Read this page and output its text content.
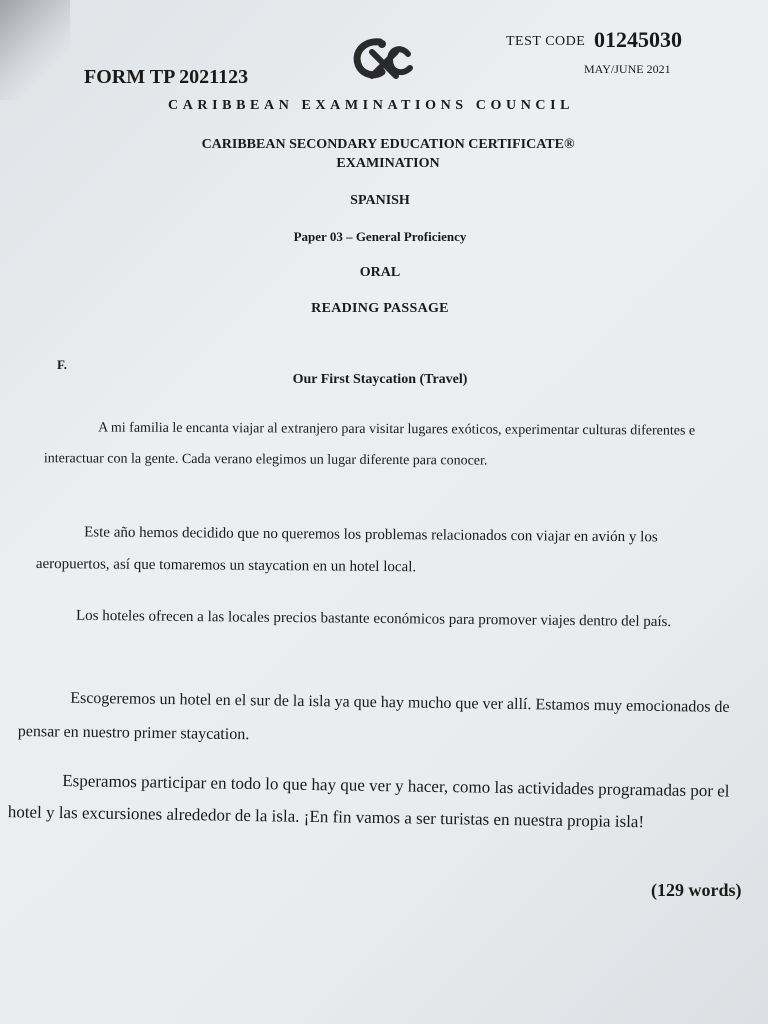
TEST CODE 01245030
MAY/JUNE 2021
FORM TP 2021123
CARIBBEAN EXAMINATIONS COUNCIL
CARIBBEAN SECONDARY EDUCATION CERTIFICATE®
EXAMINATION
SPANISH
Paper 03 – General Proficiency
ORAL
READING PASSAGE
F.
Our First Staycation (Travel)
A mi familia le encanta viajar al extranjero para visitar lugares exóticos, experimentar culturas diferentes e interactuar con la gente. Cada verano elegimos un lugar diferente para conocer.
Este año hemos decidido que no queremos los problemas relacionados con viajar en avión y los aeropuertos, así que tomaremos un staycation en un hotel local.
Los hoteles ofrecen a las locales precios bastante económicos para promover viajes dentro del país.
Escogeremos un hotel en el sur de la isla ya que hay mucho que ver allí. Estamos muy emocionados de pensar en nuestro primer staycation.
Esperamos participar en todo lo que hay que ver y hacer, como las actividades programadas por el hotel y las excursiones alrededor de la isla. ¡En fin vamos a ser turistas en nuestra propia isla!
(129 words)
